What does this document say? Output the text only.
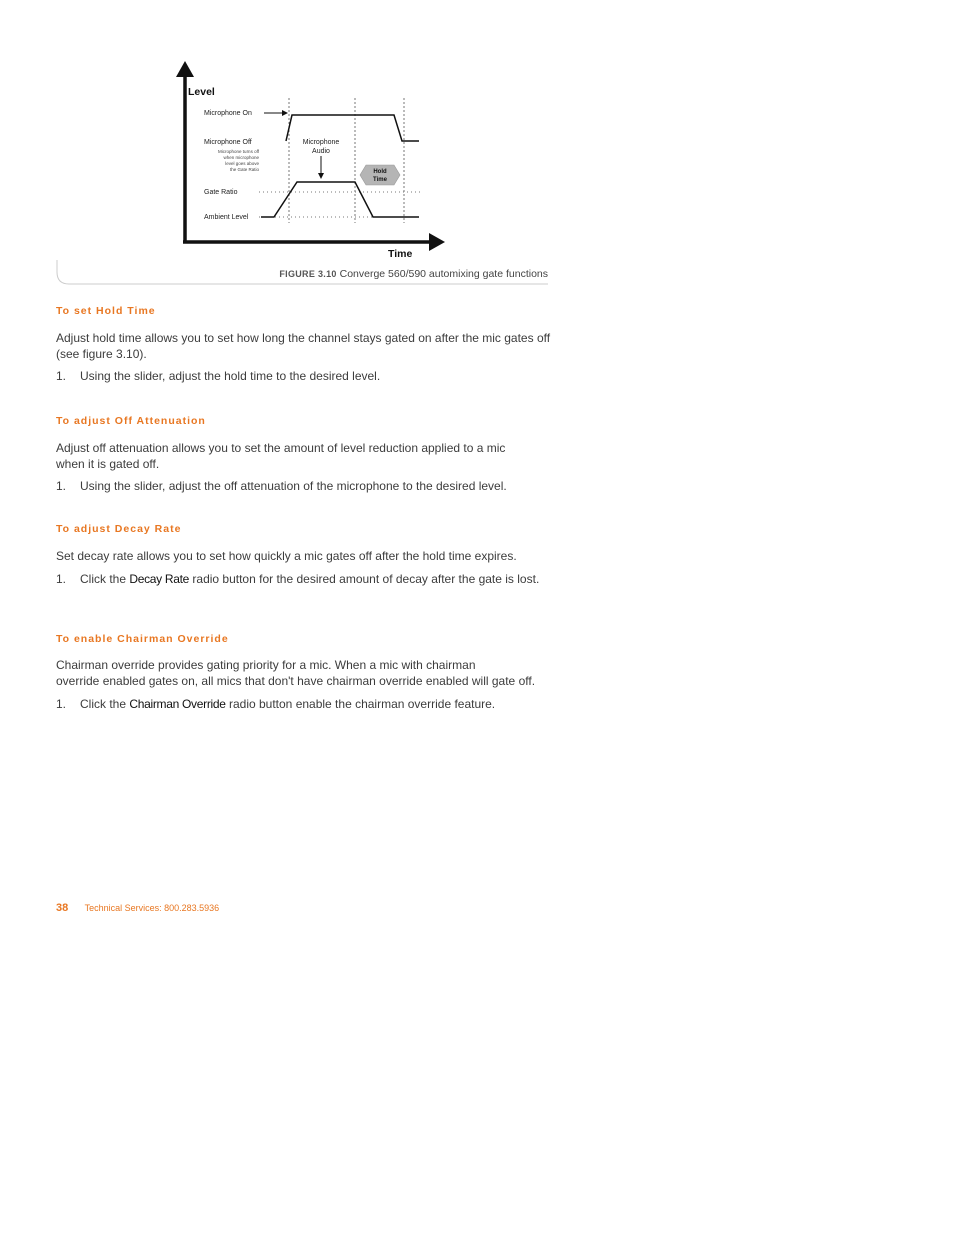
Level
Time
Microphone On
Microphone Off
Microphone turns off
when microphone
level goes above
the Gate Ratio
Gate Ratio
Ambient Level
Microphone
Audio
Hold
Time
FIGURE 3.10 Converge 560/590 automixing gate functions
To set Hold Time

Adjust hold time allows you to set how long the channel stays gated on after the mic gates off (see figure 3.10).

1. Using the slider, adjust the hold time to the desired level.
To adjust Off Attenuation

Adjust off attenuation allows you to set the amount of level reduction applied to a mic when it is gated off.

1. Using the slider, adjust the off attenuation of the microphone to the desired level.
To adjust Decay Rate

Set decay rate allows you to set how quickly a mic gates off after the hold time expires.

1. Click the Decay Rate radio button for the desired amount of decay after the gate is lost.
To enable Chairman Override

Chairman override provides gating priority for a mic. When a mic with chairman
override enabled gates on, all mics that don't have chairman override enabled will gate off.

1. Click the Chairman Override radio button enable the chairman override feature.
38 Technical Services: 800.283.5936
